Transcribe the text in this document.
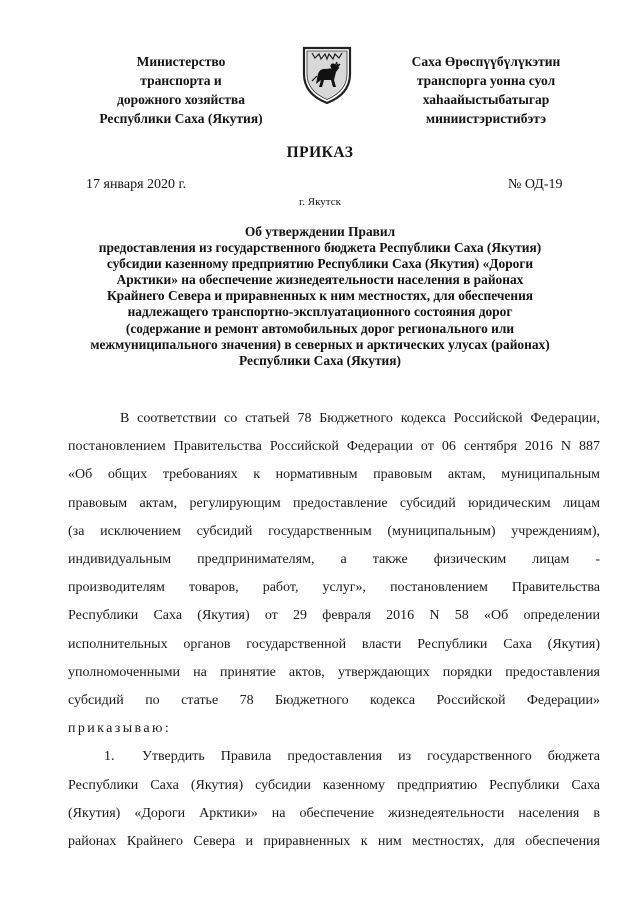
Министерство
транспорта и
дорожного хозяйства
Республики Саха (Якутия)
Саха Өрөспүүбүлүкэтин
транспорга уонна суол
хаһаайыстыбатыгар
миниистэристибэтэ
ПРИКАЗ
17 января 2020 г.	№ ОД-19
г. Якутск
Об утверждении Правил
предоставления из государственного бюджета Республики Саха (Якутия)
субсидии казенному предприятию Республики Саха (Якутия) «Дороги
Арктики» на обеспечение жизнедеятельности населения в районах
Крайнего Севера и приравненных к ним местностях, для обеспечения
надлежащего транспортно-эксплуатационного состояния дорог
(содержание и ремонт автомобильных дорог регионального или
межмуниципального значения) в северных и арктических улусах (районах)
Республики Саха (Якутия)
В соответствии со статьей 78 Бюджетного кодекса Российской Федерации,
постановлением Правительства Российской Федерации от 06 сентября 2016 N 887
«Об общих требованиях к нормативным правовым актам, муниципальным
правовым актам, регулирующим предоставление субсидий юридическим лицам
(за исключением субсидий государственным (муниципальным) учреждениям),
индивидуальным предпринимателям, а также физическим лицам -
производителям товаров, работ, услуг», постановлением Правительства
Республики Саха (Якутия) от 29 февраля 2016 N 58 «Об определении
исполнительных органов государственной власти Республики Саха (Якутия)
уполномоченными на принятие актов, утверждающих порядки предоставления
субсидий по статье 78 Бюджетного кодекса Российской Федерации»
приказываю:
1. Утвердить Правила предоставления из государственного бюджета
Республики Саха (Якутия) субсидии казенному предприятию Республики Саха
(Якутия) «Дороги Арктики» на обеспечение жизнедеятельности населения в
районах Крайнего Севера и приравненных к ним местностях, для обеспечения
